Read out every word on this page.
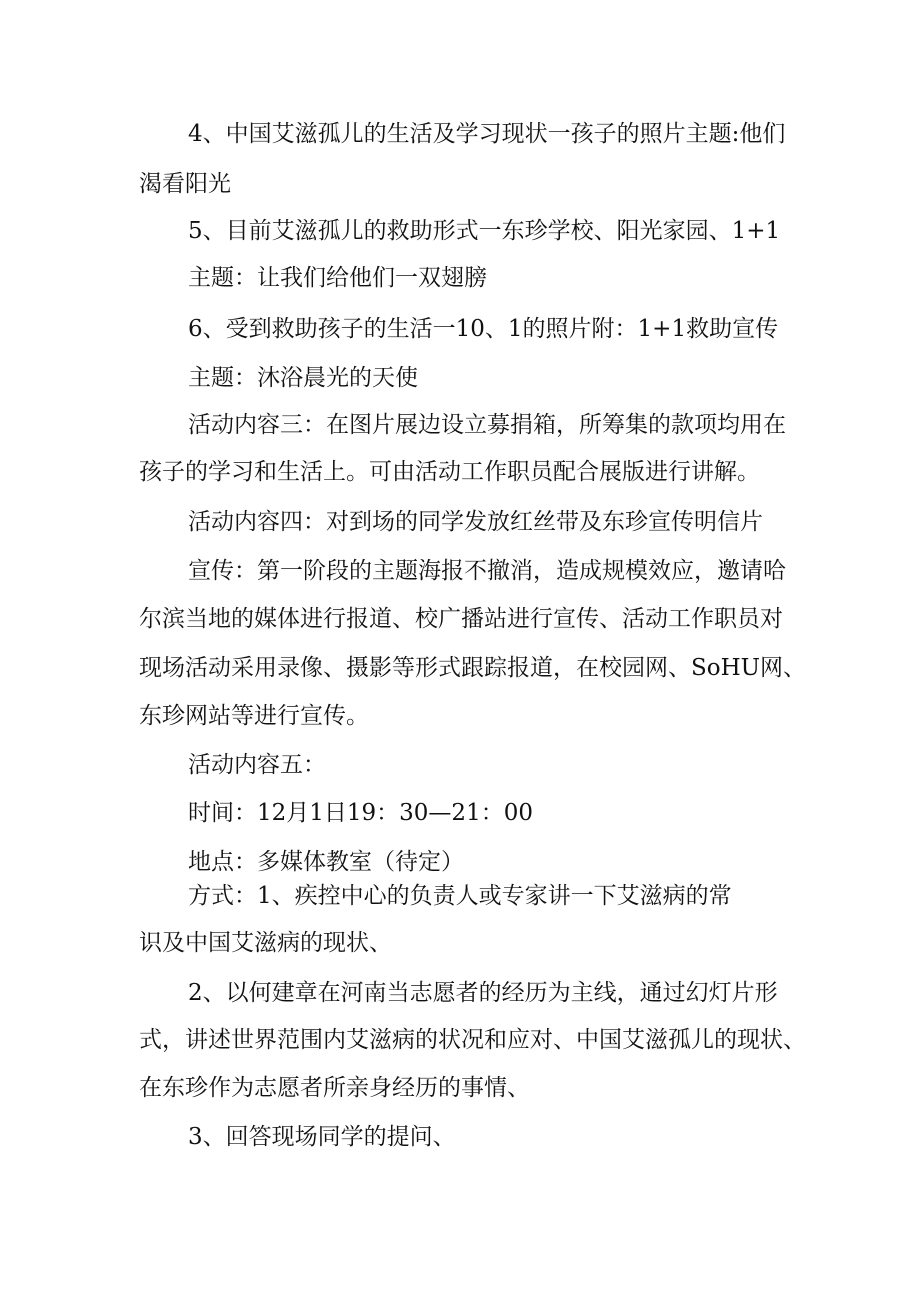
4、中国艾滋孤儿的生活及学习现状一孩子的照片主题:他们
渴看阳光
5、目前艾滋孤儿的救助形式一东珍学校、阳光家园、1+1
主题：让我们给他们一双翅膀
6、受到救助孩子的生活一10、1的照片附：1+1救助宣传
主题：沐浴晨光的天使
活动内容三：在图片展边设立募捐箱，所筹集的款项均用在
孩子的学习和生活上。可由活动工作职员配合展版进行讲解。
活动内容四：对到场的同学发放红丝带及东珍宣传明信片
宣传：第一阶段的主题海报不撤消，造成规模效应，邀请哈
尔滨当地的媒体进行报道、校广播站进行宣传、活动工作职员对
现场活动采用录像、摄影等形式跟踪报道，在校园网、SoHU网、
东珍网站等进行宣传。
活动内容五：
时间：12月1日19：30—21：00
地点：多媒体教室（待定）
方式：1、疾控中心的负责人或专家讲一下艾滋病的常
识及中国艾滋病的现状、
2、以何建章在河南当志愿者的经历为主线，通过幻灯片形
式，讲述世界范围内艾滋病的状况和应对、中国艾滋孤儿的现状、
在东珍作为志愿者所亲身经历的事情、
3、回答现场同学的提问、
